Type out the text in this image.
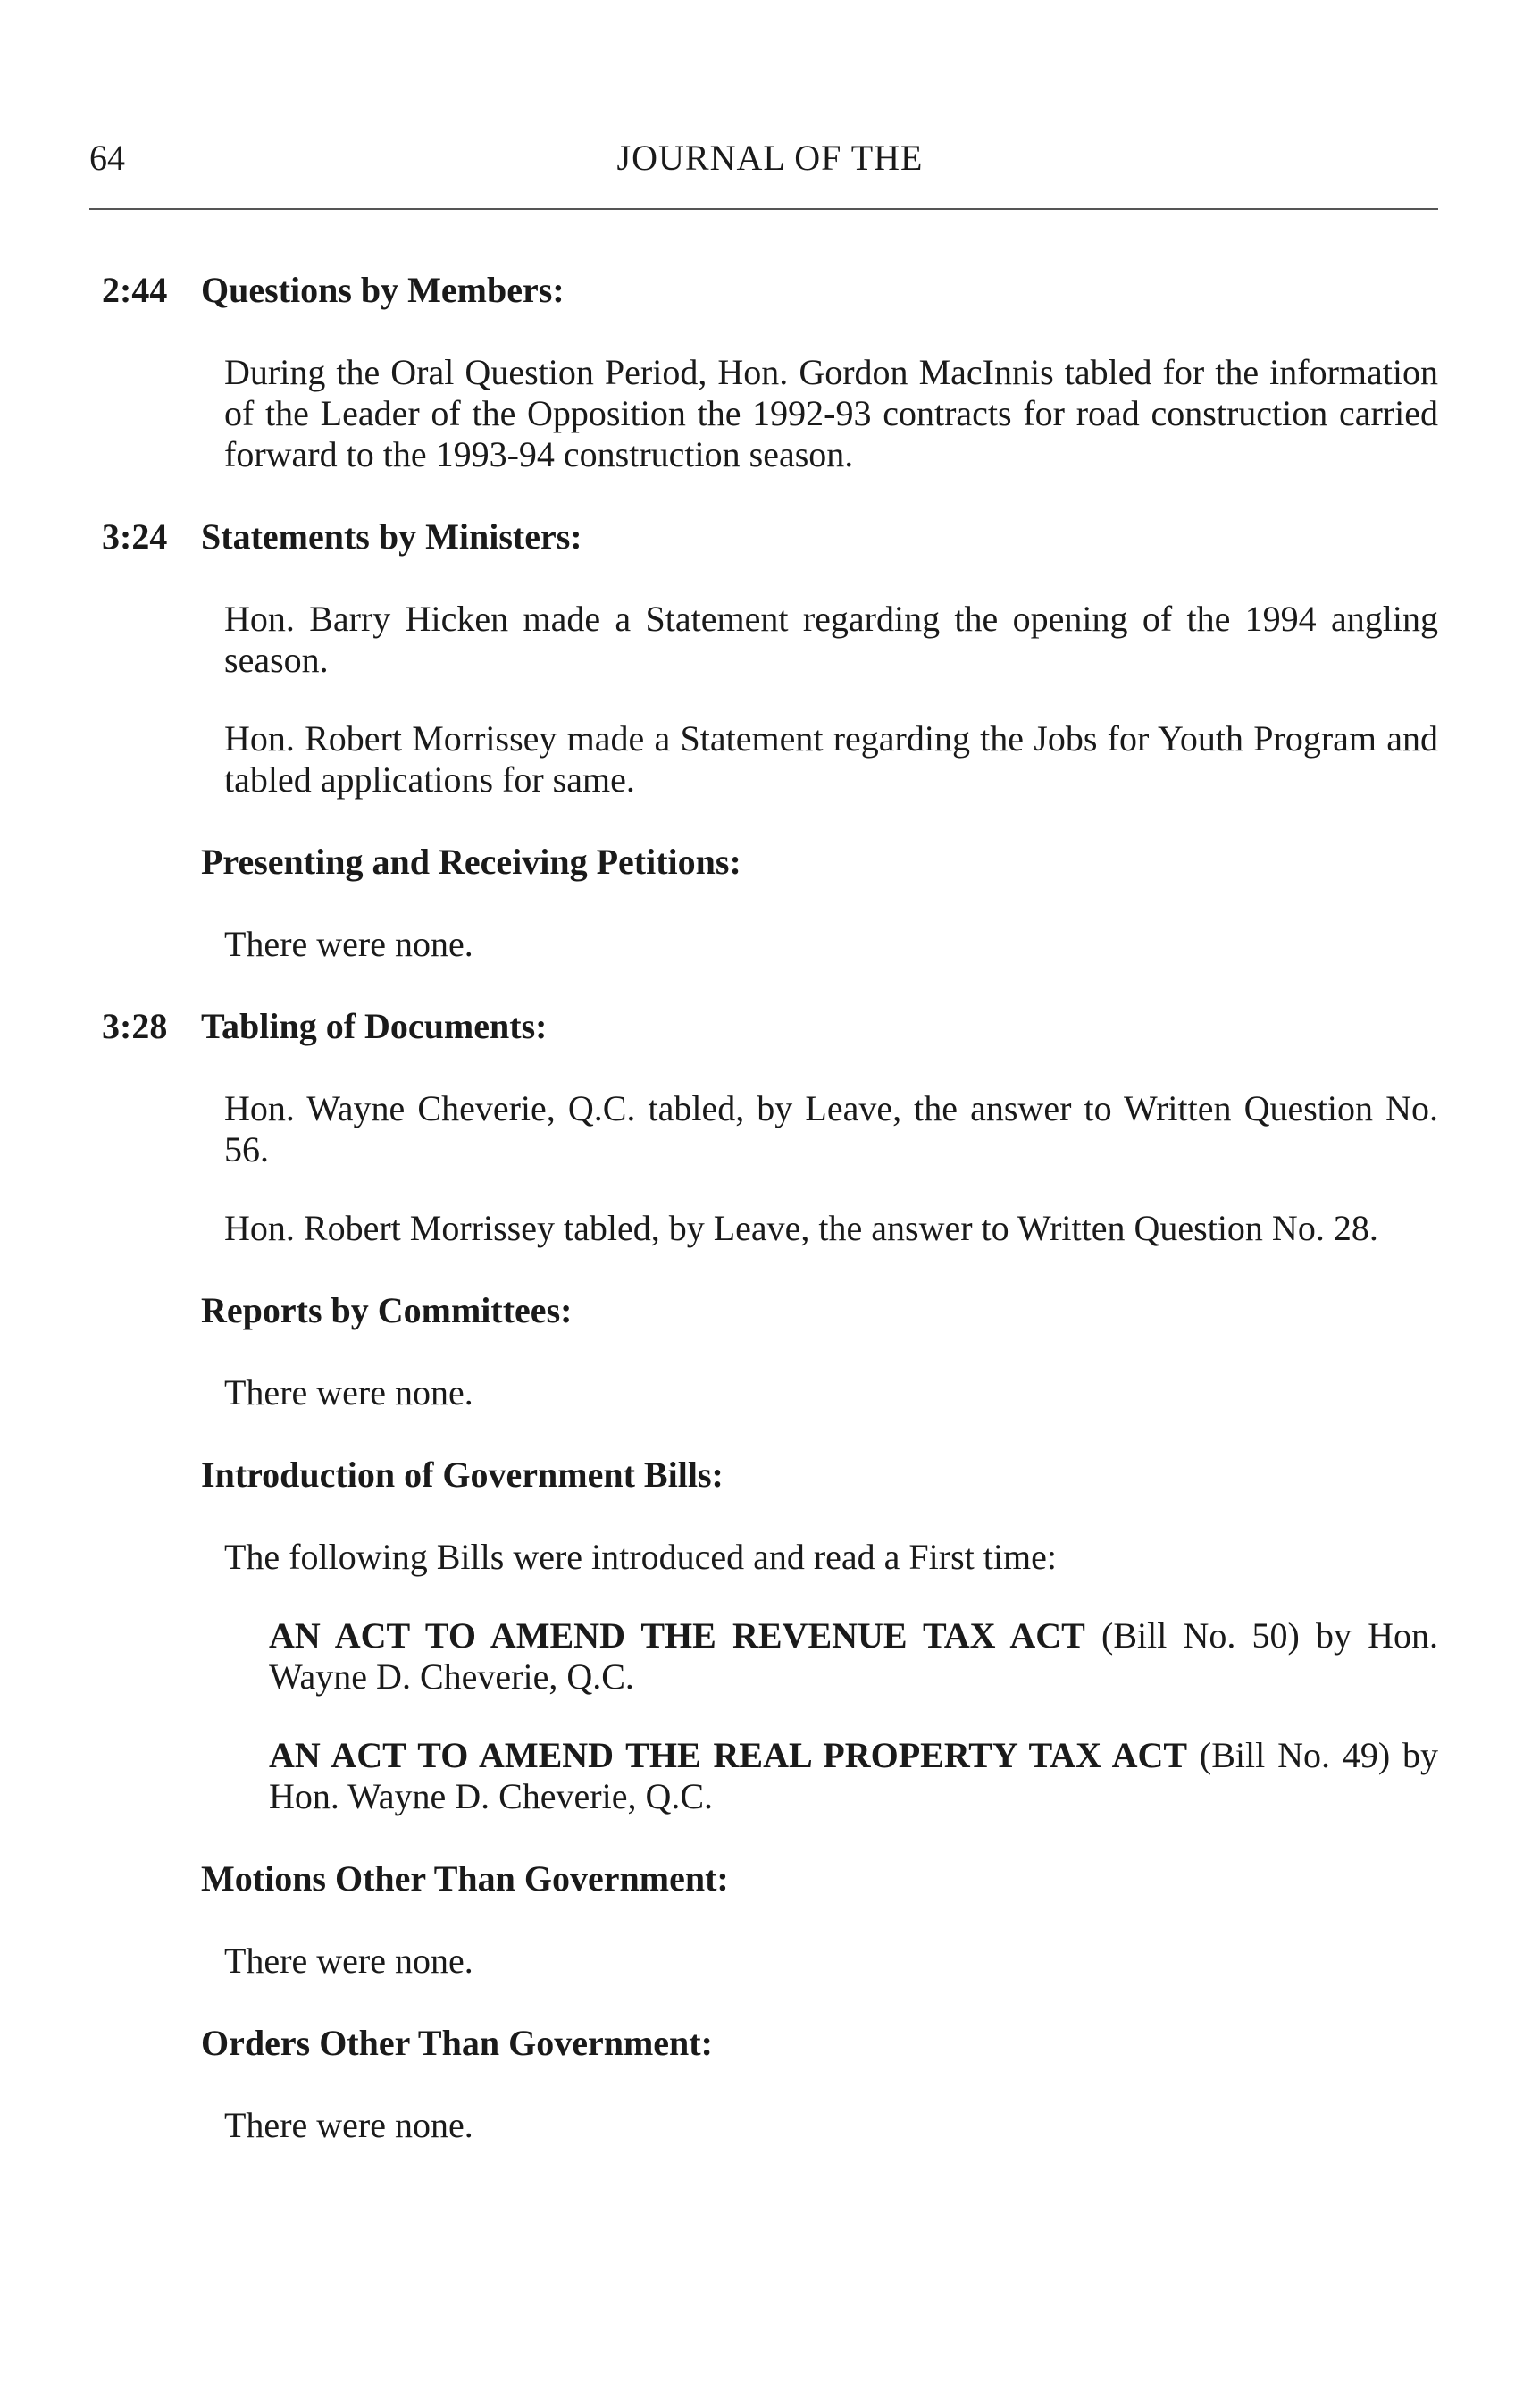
64	JOURNAL OF THE
2:44 Questions by Members:

During the Oral Question Period, Hon. Gordon MacInnis tabled for the information of the Leader of the Opposition the 1992-93 contracts for road construction carried forward to the 1993-94 construction season.

3:24 Statements by Ministers:

Hon. Barry Hicken made a Statement regarding the opening of the 1994 angling season.

Hon. Robert Morrissey made a Statement regarding the Jobs for Youth Program and tabled applications for same.

Presenting and Receiving Petitions:

There were none.

3:28 Tabling of Documents:

Hon. Wayne Cheverie, Q.C. tabled, by Leave, the answer to Written Question No. 56.

Hon. Robert Morrissey tabled, by Leave, the answer to Written Question No. 28.

Reports by Committees:

There were none.

Introduction of Government Bills:

The following Bills were introduced and read a First time:

AN ACT TO AMEND THE REVENUE TAX ACT (Bill No. 50) by Hon. Wayne D. Cheverie, Q.C.

AN ACT TO AMEND THE REAL PROPERTY TAX ACT (Bill No. 49) by Hon. Wayne D. Cheverie, Q.C.

Motions Other Than Government:

There were none.

Orders Other Than Government:

There were none.
